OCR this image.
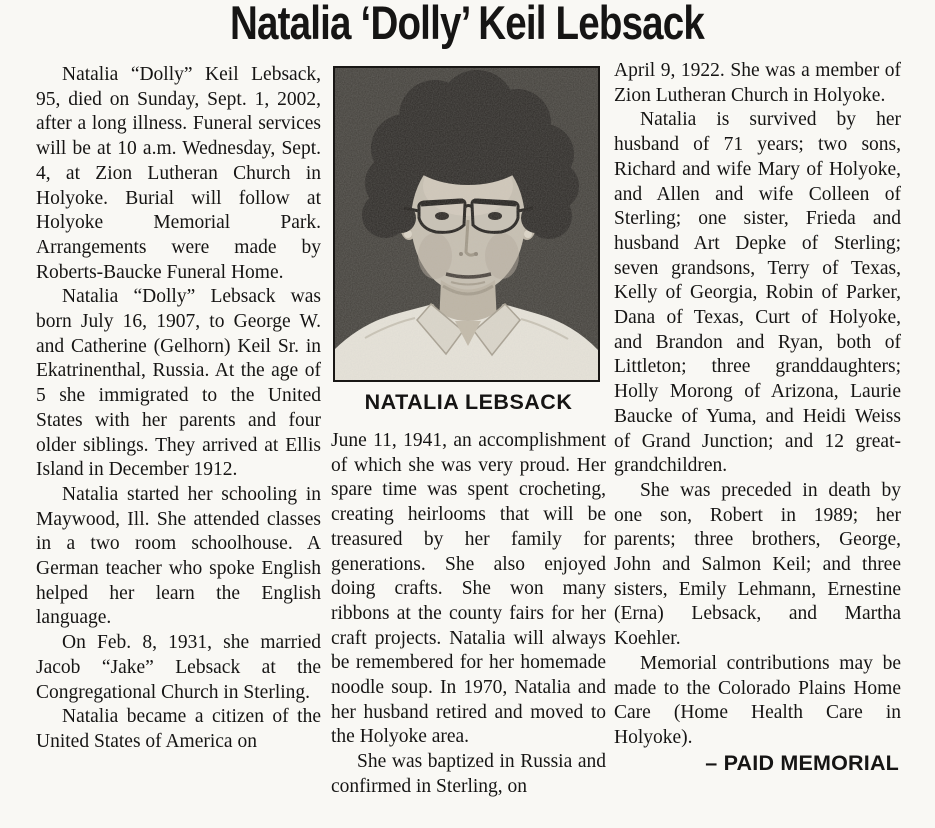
Natalia ‘Dolly’ Keil Lebsack

Natalia “Dolly” Keil Lebsack, 95, died on Sunday, Sept. 1, 2002, after a long illness. Funeral services will be at 10 a.m. Wednesday, Sept. 4, at Zion Lutheran Church in Holyoke. Burial will follow at Holyoke Memorial Park. Arrangements were made by Roberts-Baucke Funeral Home.

Natalia “Dolly” Lebsack was born July 16, 1907, to George W. and Catherine (Gelhorn) Keil Sr. in Ekatrinenthal, Russia. At the age of 5 she immigrated to the United States with her parents and four older siblings. They arrived at Ellis Island in December 1912.

Natalia started her schooling in Maywood, Ill. She attended classes in a two room schoolhouse. A German teacher who spoke English helped her learn the English language.

On Feb. 8, 1931, she married Jacob “Jake” Lebsack at the Congregational Church in Sterling.

Natalia became a citizen of the United States of America on

NATALIA LEBSACK

June 11, 1941, an accomplishment of which she was very proud. Her spare time was spent crocheting, creating heirlooms that will be treasured by her family for generations. She also enjoyed doing crafts. She won many ribbons at the county fairs for her craft projects. Natalia will always be remembered for her homemade noodle soup. In 1970, Natalia and her husband retired and moved to the Holyoke area.

She was baptized in Russia and confirmed in Sterling, on

April 9, 1922. She was a member of Zion Lutheran Church in Holyoke.

Natalia is survived by her husband of 71 years; two sons, Richard and wife Mary of Holyoke, and Allen and wife Colleen of Sterling; one sister, Frieda and husband Art Depke of Sterling; seven grandsons, Terry of Texas, Kelly of Georgia, Robin of Parker, Dana of Texas, Curt of Holyoke, and Brandon and Ryan, both of Littleton; three granddaughters; Holly Morong of Arizona, Laurie Baucke of Yuma, and Heidi Weiss of Grand Junction; and 12 great-grandchildren.

She was preceded in death by one son, Robert in 1989; her parents; three brothers, George, John and Salmon Keil; and three sisters, Emily Lehmann, Ernestine (Erna) Lebsack, and Martha Koehler.

Memorial contributions may be made to the Colorado Plains Home Care (Home Health Care in Holyoke).

– PAID MEMORIAL
